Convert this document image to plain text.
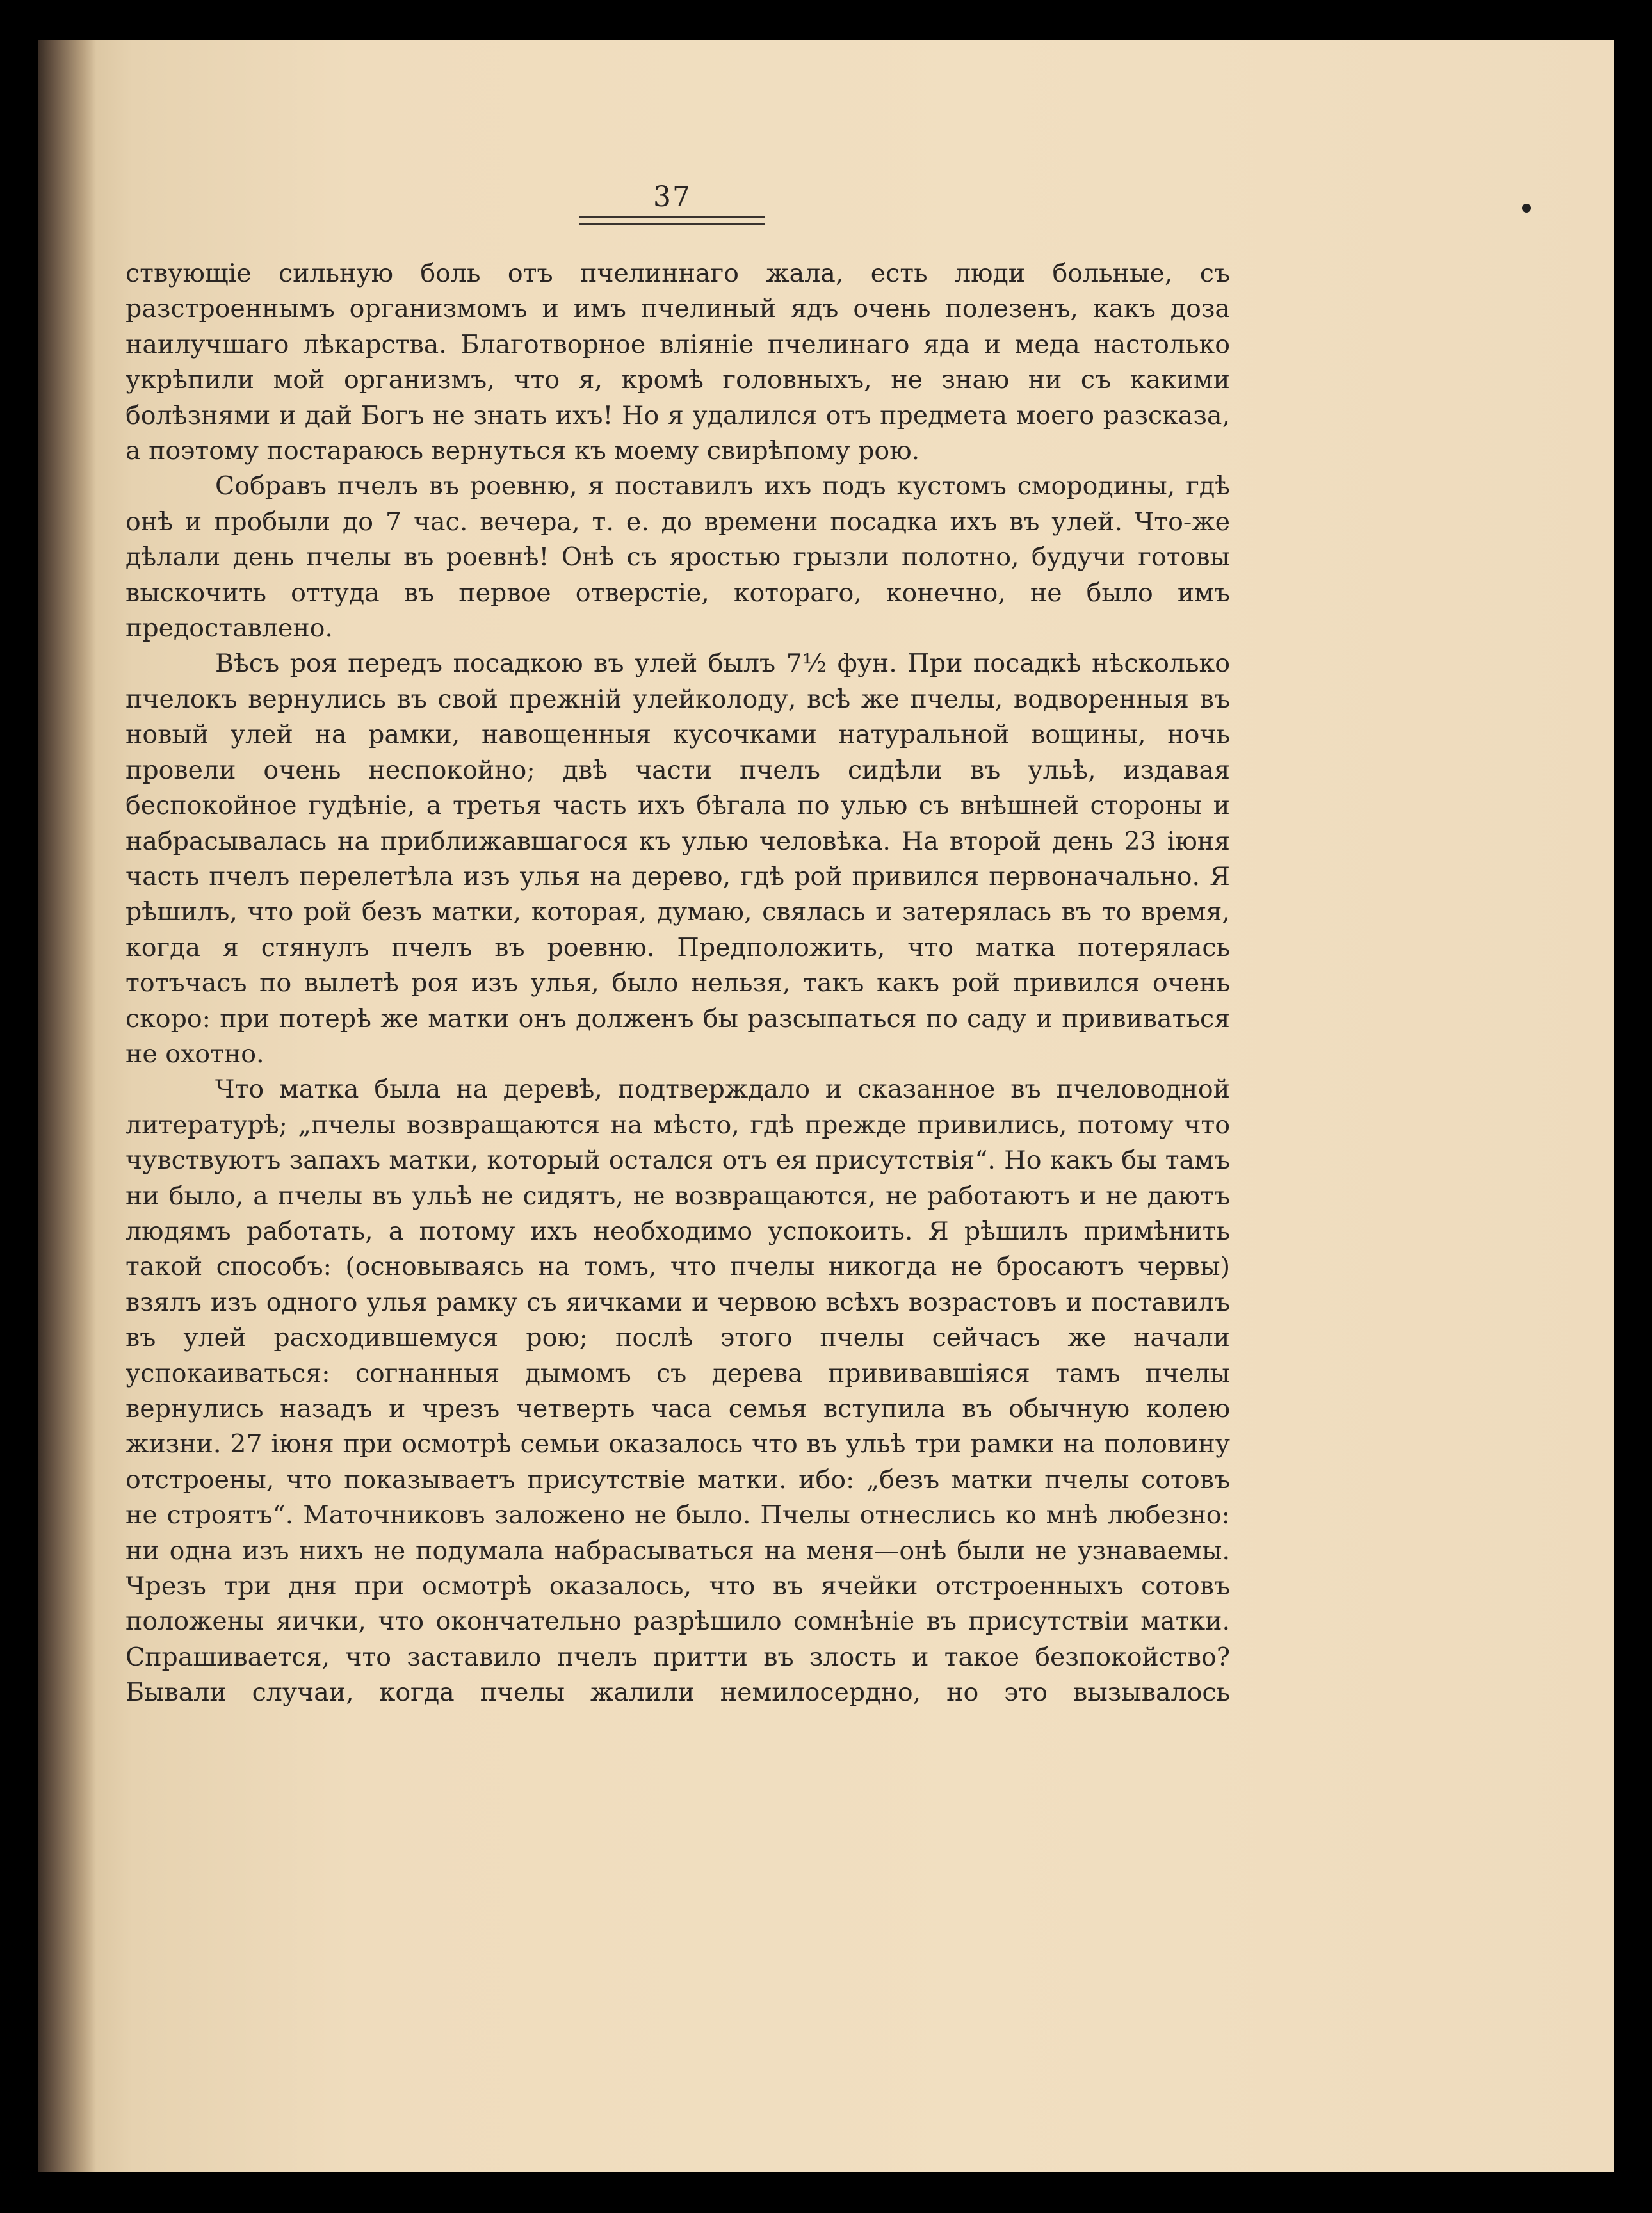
37

ствующіе сильную боль отъ пчелиннаго жала, есть люди больные, съ разстроеннымъ организмомъ и имъ пчелиный ядъ очень полезенъ, какъ доза наилучшаго лѣкарства. Благотворное вліяніе пчелинаго яда и меда настолько укрѣпили мой организмъ, что я, кромѣ головныхъ, не знаю ни съ какими болѣзнями и дай Богъ не знать ихъ! Но я удалился отъ предмета моего разсказа, а поэтому постараюсь вернуться къ моему свирѣпому рою.

Собравъ пчелъ въ роевню, я поставилъ ихъ подъ кустомъ смородины, гдѣ онѣ и пробыли до 7 час. вечера, т. е. до времени посадка ихъ въ улей. Что-же дѣлали день пчелы въ роевнѣ! Онѣ съ яростью грызли полотно, будучи готовы выскочить оттуда въ первое отверстіе, котораго, конечно, не было имъ предоставлено.

Вѣсъ роя передъ посадкою въ улей былъ 7½ фун. При посадкѣ нѣсколько пчелокъ вернулись въ свой прежній улейколоду, всѣ же пчелы, водворенныя въ новый улей на рамки, навощенныя кусочками натуральной вощины, ночь провели очень неспокойно; двѣ части пчелъ сидѣли въ ульѣ, издавая беспокойное гудѣніе, а третья часть ихъ бѣгала по улью съ внѣшней стороны и набрасывалась на приближавшагося къ улью человѣка. На второй день 23 іюня часть пчелъ перелетѣла изъ улья на дерево, гдѣ рой привился первоначально. Я рѣшилъ, что рой безъ матки, которая, думаю, свялась и затерялась въ то время, когда я стянулъ пчелъ въ роевню. Предположить, что матка потерялась тотъчасъ по вылетѣ роя изъ улья, было нельзя, такъ какъ рой привился очень скоро: при потерѣ же матки онъ долженъ бы разсыпаться по саду и прививаться не охотно.

Что матка была на деревѣ, подтверждало и сказанное въ пчеловодной литературѣ; „пчелы возвращаются на мѣсто, гдѣ прежде привились, потому что чувствуютъ запахъ матки, который остался отъ ея присутствія“. Но какъ бы тамъ ни было, а пчелы въ ульѣ не сидятъ, не возвращаются, не работаютъ и не даютъ людямъ работать, а потому ихъ необходимо успокоить. Я рѣшилъ примѣнить такой способъ: (основываясь на томъ, что пчелы никогда не бросаютъ червы) взялъ изъ одного улья рамку съ яичками и червою всѣхъ возрастовъ и поставилъ въ улей расходившемуся рою; послѣ этого пчелы сейчасъ же начали успокаиваться: согнанныя дымомъ съ дерева прививавшіяся тамъ пчелы вернулись назадъ и чрезъ четверть часа семья вступила въ обычную колею жизни. 27 іюня при осмотрѣ семьи оказалось что въ ульѣ три рамки на половину отстроены, что показываетъ присутствіе матки. ибо: „безъ матки пчелы сотовъ не строятъ“. Маточниковъ заложено не было. Пчелы отнеслись ко мнѣ любезно: ни одна изъ нихъ не подумала набрасываться на меня—онѣ были не узнаваемы. Чрезъ три дня при осмотрѣ оказалось, что въ ячейки отстроенныхъ сотовъ положены яички, что окончательно разрѣшило сомнѣніе въ присутствіи матки. Спрашивается, что заставило пчелъ притти въ злость и такое безпокойство? Бывали случаи, когда пчелы жалили немилосердно, но это вызывалось
